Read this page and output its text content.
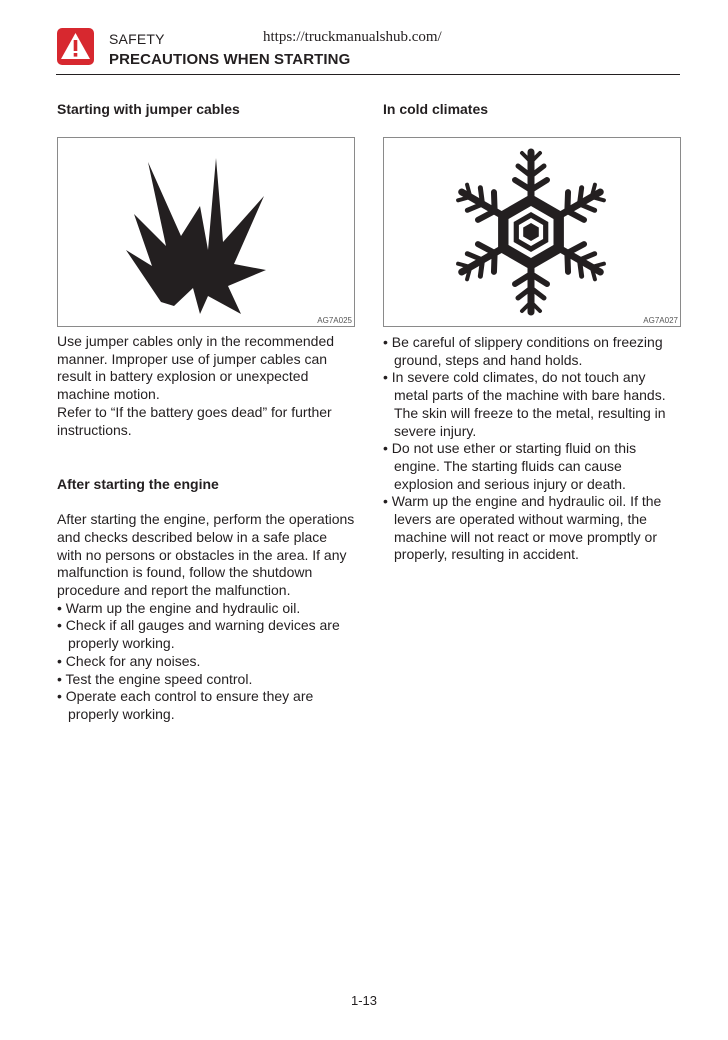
SAFETY	https://truckmanualshub.com/
PRECAUTIONS WHEN STARTING
Starting with jumper cables
AG7A025

Use jumper cables only in the recommended manner. Improper use of jumper cables can result in battery explosion or unexpected machine motion.

Refer to “If the battery goes dead” for further instructions.

After starting the engine

After starting the engine, perform the operations and checks described below in a safe place with no persons or obstacles in the area. If any malfunction is found, follow the shutdown procedure and report the malfunction.

• Warm up the engine and hydraulic oil.
• Check if all gauges and warning devices are properly working.
• Check for any noises.
• Test the engine speed control.
• Operate each control to ensure they are properly working.
In cold climates
AG7A027
• Be careful of slippery conditions on freezing ground, steps and hand holds.
• In severe cold climates, do not touch any metal parts of the machine with bare hands. The skin will freeze to the metal, resulting in severe injury.
• Do not use ether or starting fluid on this engine. The starting fluids can cause explosion and serious injury or death.
• Warm up the engine and hydraulic oil. If the levers are operated without warming, the machine will not react or move promptly or properly, resulting in accident.
1-13
